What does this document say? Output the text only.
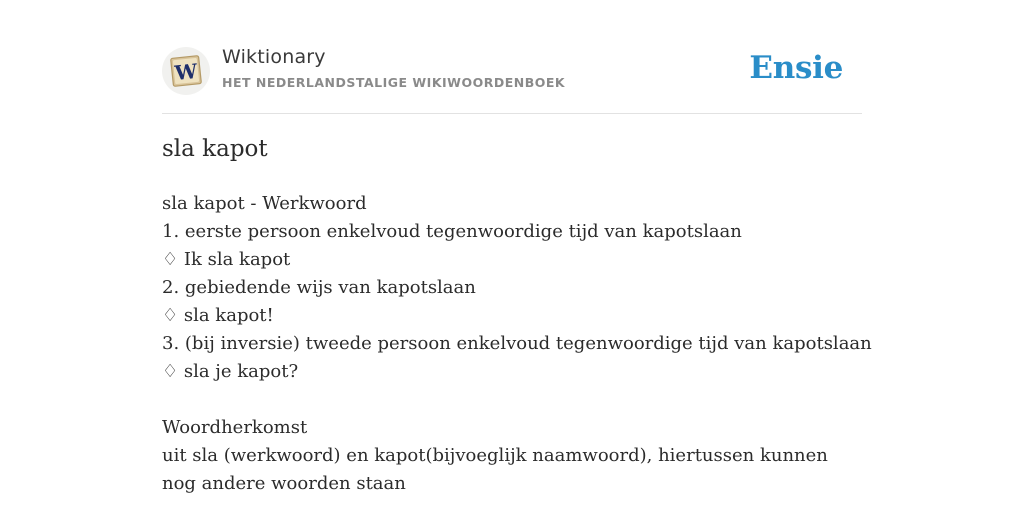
W
Wiktionary
HET NEDERLANDSTALIGE WIKIWOORDENBOEK	Ensie
sla kapot
sla kapot - Werkwoord
1. eerste persoon enkelvoud tegenwoordige tijd van kapotslaan
♢ Ik sla kapot
2. gebiedende wijs van kapotslaan
♢ sla kapot!
3. (bij inversie) tweede persoon enkelvoud tegenwoordige tijd van kapotslaan
♢ sla je kapot?
Woordherkomst
uit sla (werkwoord) en kapot(bijvoeglijk naamwoord), hiertussen kunnen nog andere woorden staan
